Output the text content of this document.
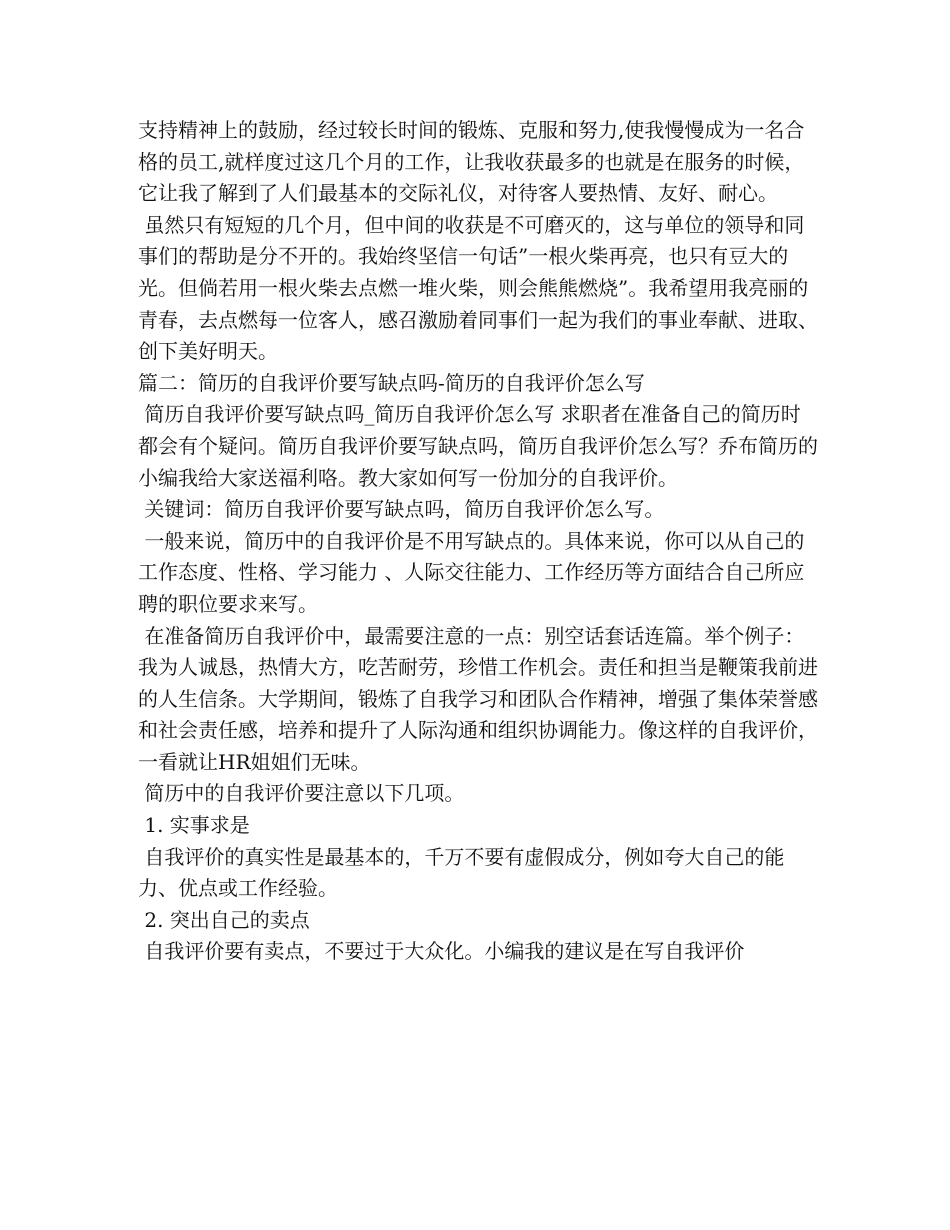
支持精神上的鼓励，经过较长时间的锻炼、克服和努力,使我慢慢成为一名合格的员工,就样度过这几个月的工作，让我收获最多的也就是在服务的时候，它让我了解到了人们最基本的交际礼仪，对待客人要热情、友好、耐心。

虽然只有短短的几个月，但中间的收获是不可磨灭的，这与单位的领导和同事们的帮助是分不开的。我始终坚信一句话”一根火柴再亮，也只有豆大的光。但倘若用一根火柴去点燃一堆火柴，则会熊熊燃烧”。我希望用我亮丽的青春，去点燃每一位客人，感召激励着同事们一起为我们的事业奉献、进取、创下美好明天。

篇二：简历的自我评价要写缺点吗-简历的自我评价怎么写

简历自我评价要写缺点吗_简历自我评价怎么写 求职者在准备自己的简历时都会有个疑问。简历自我评价要写缺点吗，简历自我评价怎么写？乔布简历的小编我给大家送福利咯。教大家如何写一份加分的自我评价。

关键词：简历自我评价要写缺点吗，简历自我评价怎么写。

一般来说，简历中的自我评价是不用写缺点的。具体来说，你可以从自己的工作态度、性格、学习能力 、人际交往能力、工作经历等方面结合自己所应聘的职位要求来写。

在准备简历自我评价中，最需要注意的一点：别空话套话连篇。举个例子：我为人诚恳，热情大方，吃苦耐劳，珍惜工作机会。责任和担当是鞭策我前进的人生信条。大学期间，锻炼了自我学习和团队合作精神，增强了集体荣誉感和社会责任感，培养和提升了人际沟通和组织协调能力。像这样的自我评价，一看就让HR姐姐们无味。

简历中的自我评价要注意以下几项。

1. 实事求是

自我评价的真实性是最基本的，千万不要有虚假成分，例如夸大自己的能力、优点或工作经验。

2. 突出自己的卖点

自我评价要有卖点，不要过于大众化。小编我的建议是在写自我评价
